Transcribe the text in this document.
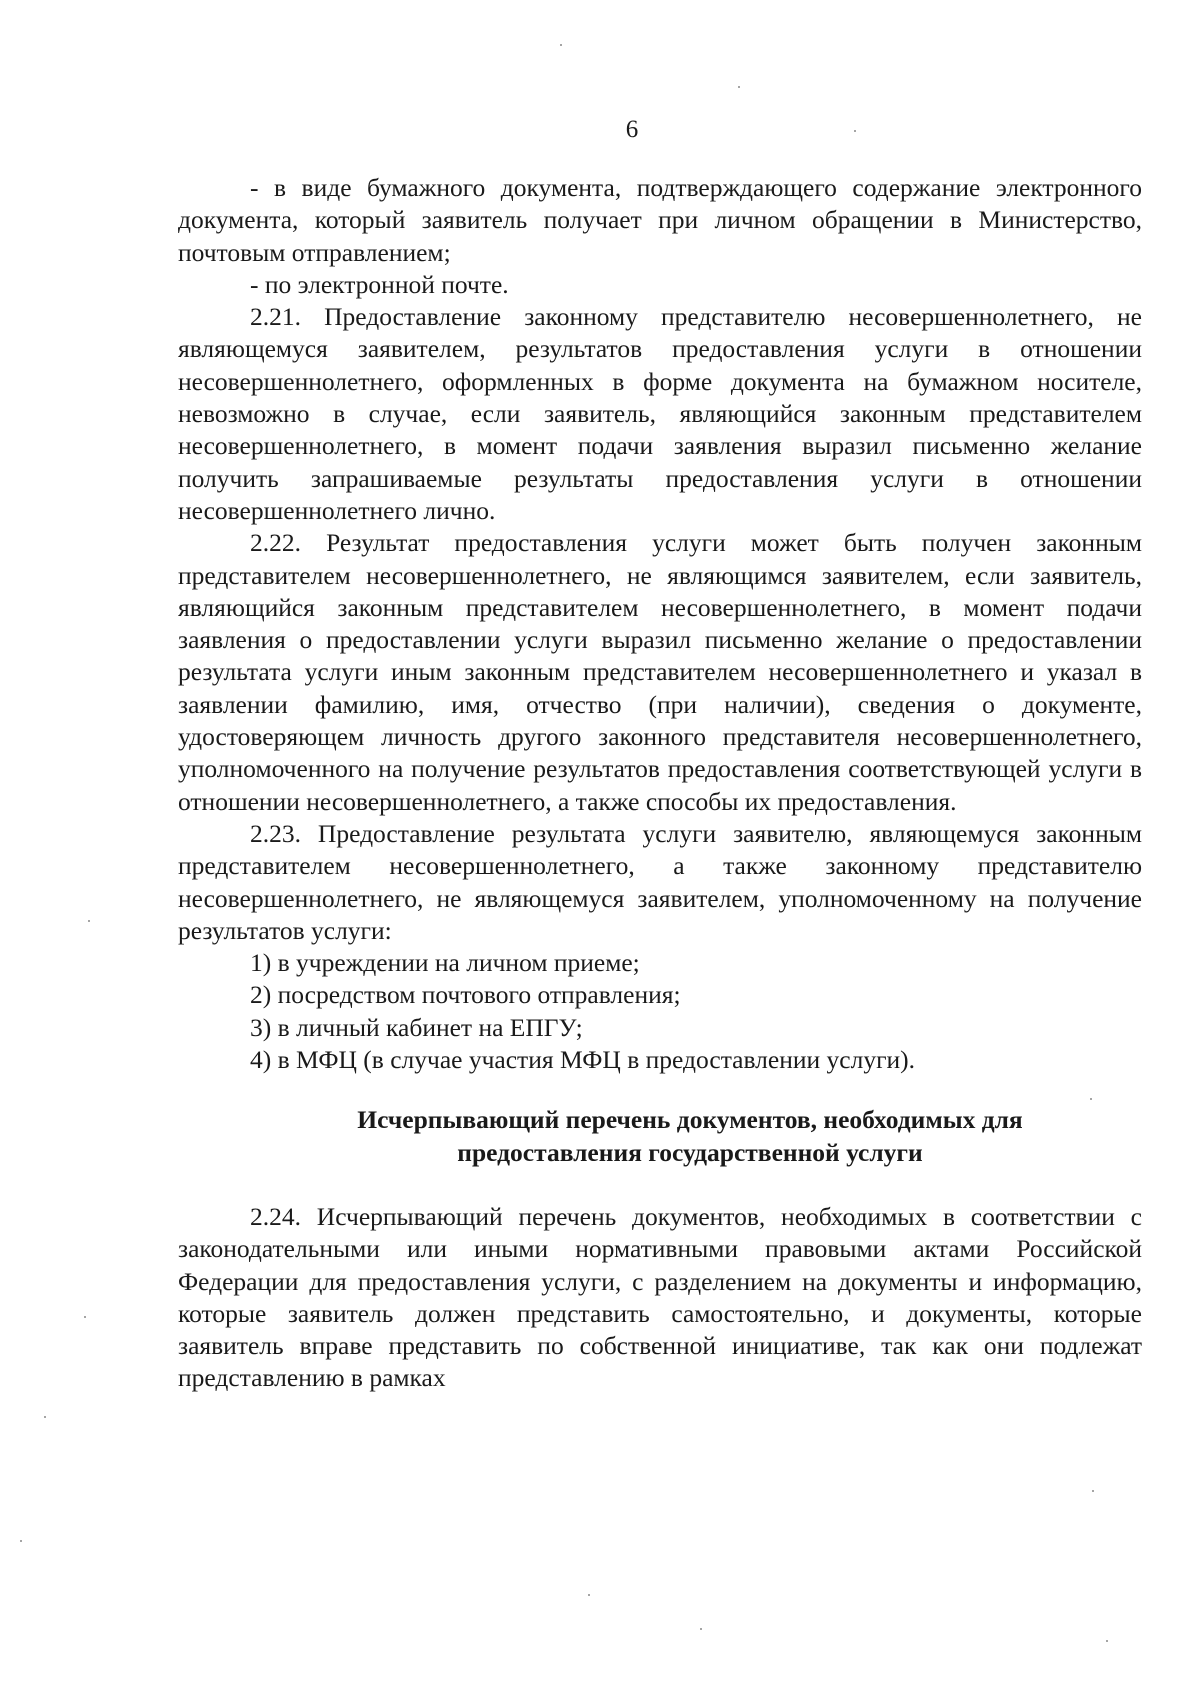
6

- в виде бумажного документа, подтверждающего содержание электронного документа, который заявитель получает при личном обращении в Министерство, почтовым отправлением;

- по электронной почте.

2.21. Предоставление законному представителю несовершеннолетнего, не являющемуся заявителем, результатов предоставления услуги в отношении несовершеннолетнего, оформленных в форме документа на бумажном носителе, невозможно в случае, если заявитель, являющийся законным представителем несовершеннолетнего, в момент подачи заявления выразил письменно желание получить запрашиваемые результаты предоставления услуги в отношении несовершеннолетнего лично.

2.22. Результат предоставления услуги может быть получен законным представителем несовершеннолетнего, не являющимся заявителем, если заявитель, являющийся законным представителем несовершеннолетнего, в момент подачи заявления о предоставлении услуги выразил письменно желание о предоставлении результата услуги иным законным представителем несовершеннолетнего и указал в заявлении фамилию, имя, отчество (при наличии), сведения о документе, удостоверяющем личность другого законного представителя несовершеннолетнего, уполномоченного на получение результатов предоставления соответствующей услуги в отношении несовершеннолетнего, а также способы их предоставления.

2.23. Предоставление результата услуги заявителю, являющемуся законным представителем несовершеннолетнего, а также законному представителю несовершеннолетнего, не являющемуся заявителем, уполномоченному на получение результатов услуги:

1) в учреждении на личном приеме;

2) посредством почтового отправления;

3) в личный кабинет на ЕПГУ;

4) в МФЦ (в случае участия МФЦ в предоставлении услуги).

Исчерпывающий перечень документов, необходимых для

предоставления государственной услуги

2.24. Исчерпывающий перечень документов, необходимых в соответствии с законодательными или иными нормативными правовыми актами Российской Федерации для предоставления услуги, с разделением на документы и информацию, которые заявитель должен представить самостоятельно, и документы, которые заявитель вправе представить по собственной инициативе, так как они подлежат представлению в рамках
